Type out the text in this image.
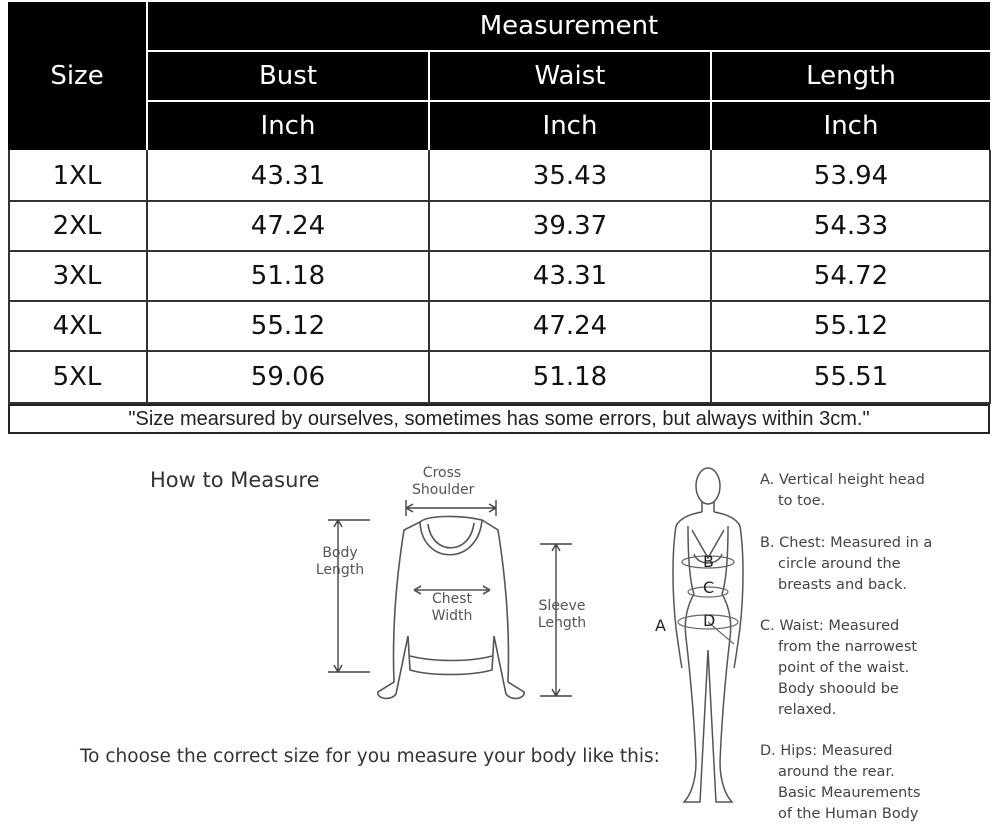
Size
Measurement
Bust	Waist	Length
Inch	Inch	Inch
1XL	43.31	35.43	53.94
2XL	47.24	39.37	54.33
3XL	51.18	43.31	54.72
4XL	55.12	47.24	55.12
5XL	59.06	51.18	55.51
"Size mearsured by ourselves, sometimes has some errors, but always within 3cm."
How to Measure	Cross
Shoulder
Body
Length
Chest
Width
Sleeve
Length
To choose the correct size for you measure your body like this:
A
B
C
D
A. Vertical height head
to toe.
B. Chest: Measured in a
circle around the
breasts and back.
C. Waist: Measured
from the narrowest
point of the waist.
Body shoould be
relaxed.
D. Hips: Measured
around the rear.
Basic Meaurements
of the Human Body
